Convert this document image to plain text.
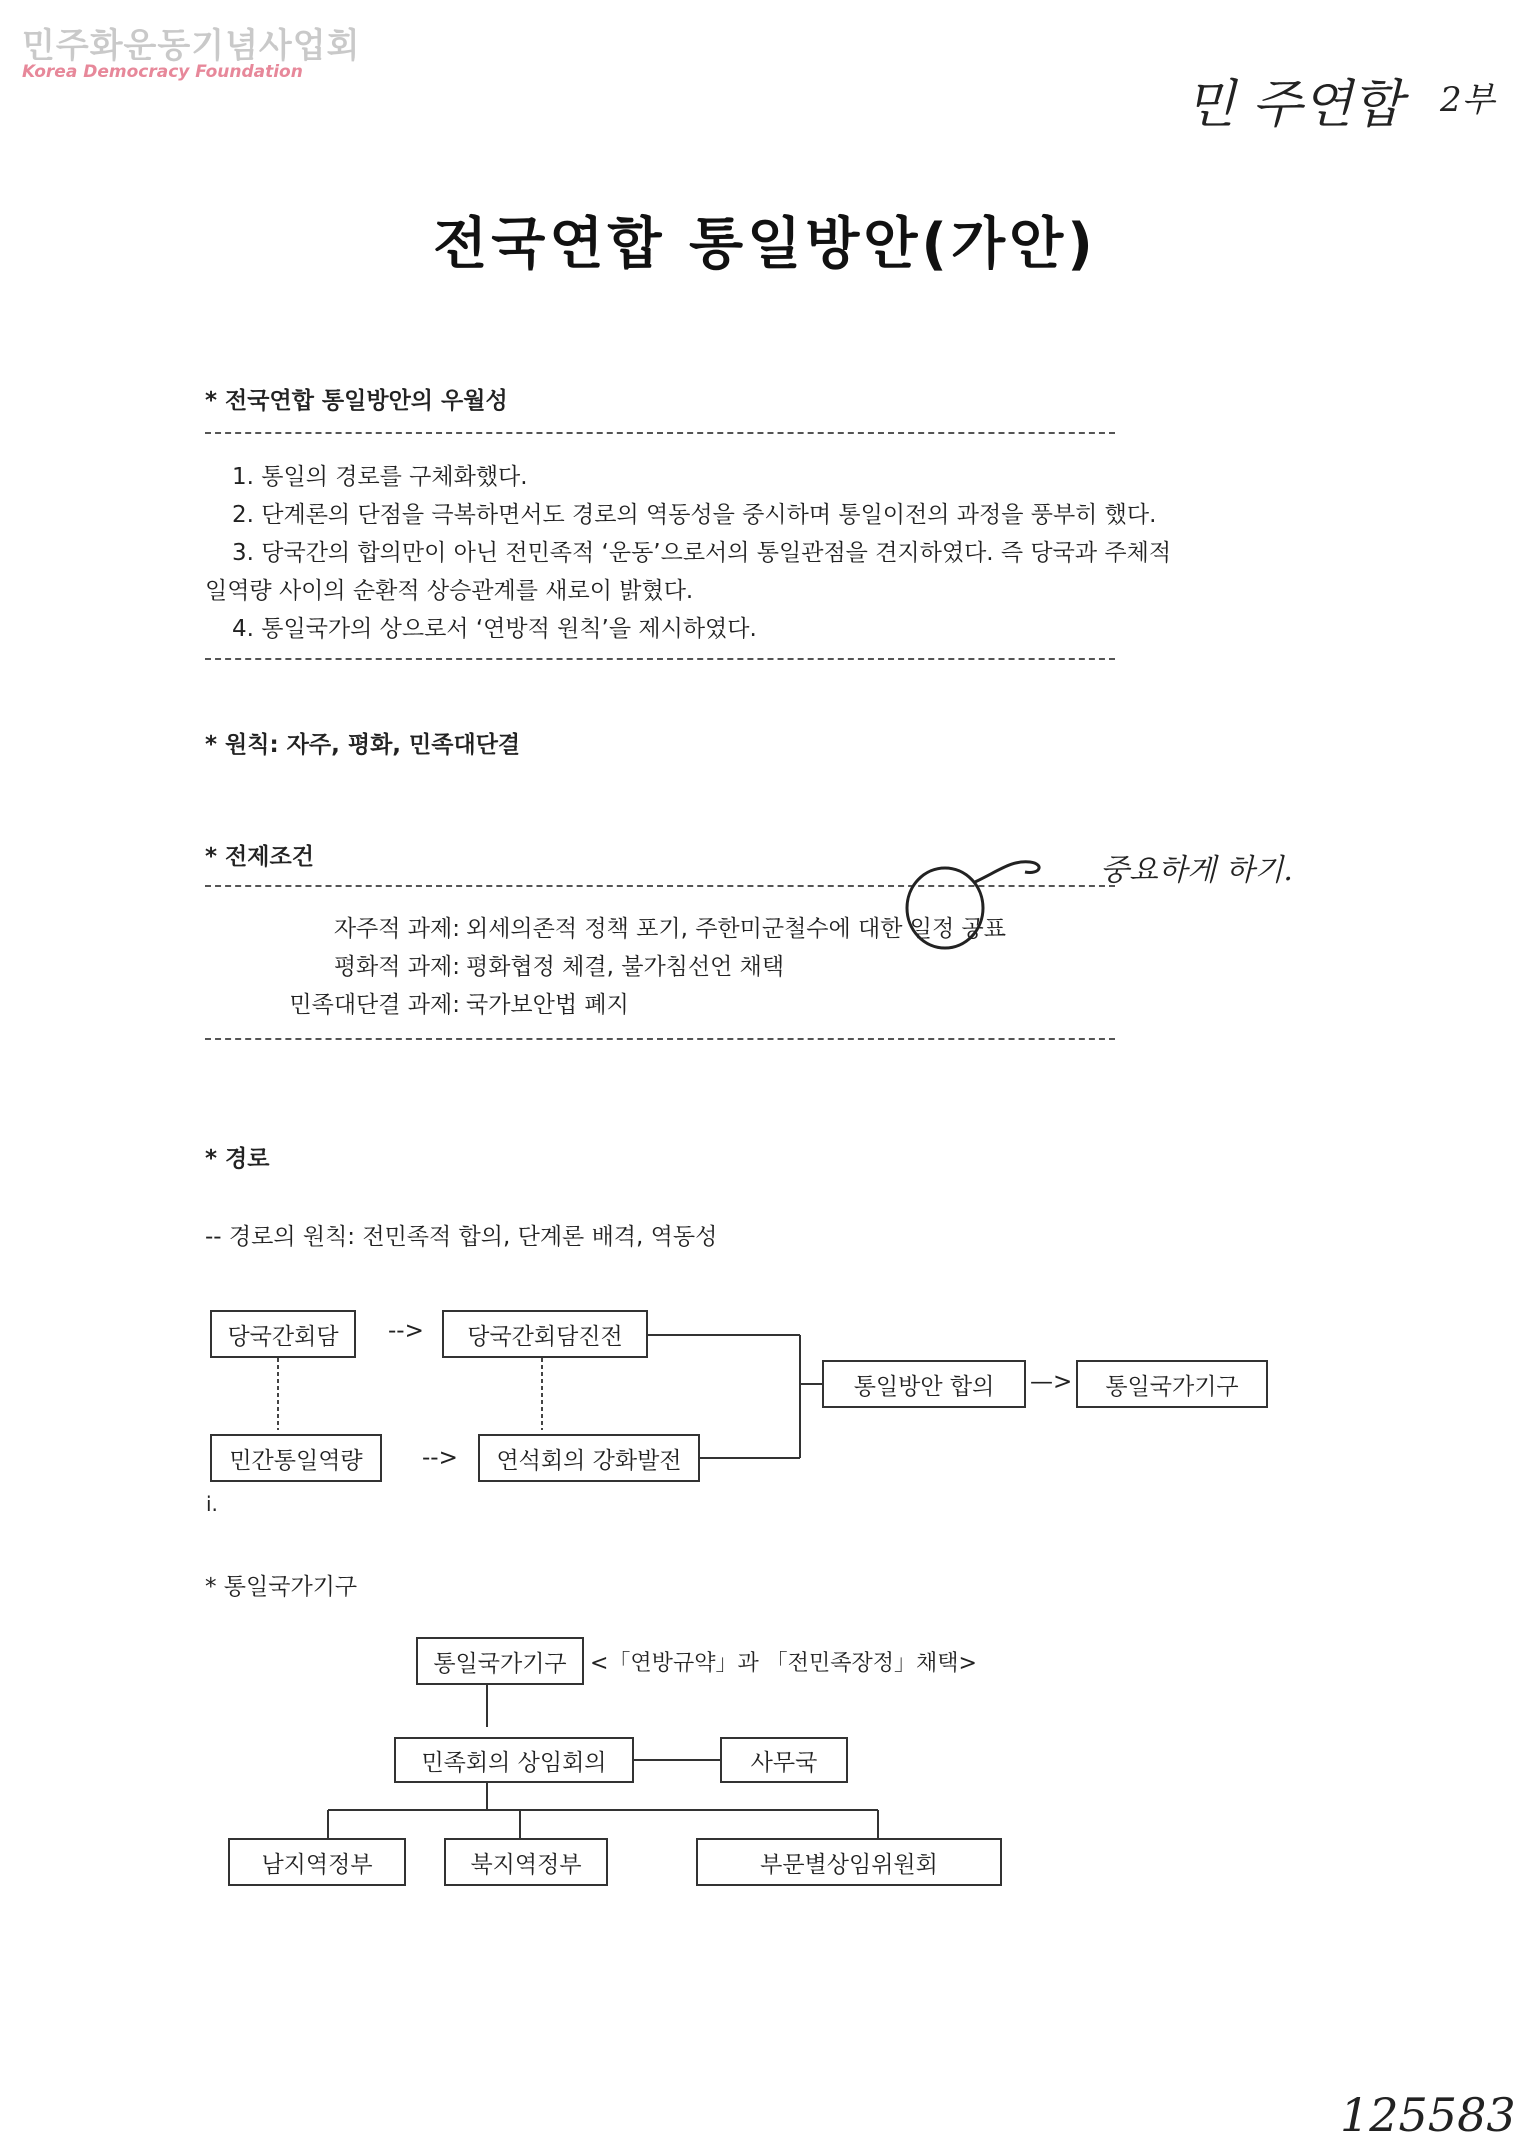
민주화운동기념사업회
Korea Democracy Foundation
민 주연합 2부
중요하게 하기.
125583
전국연합 통일방안(가안)
* 전국연합 통일방안의 우월성
1. 통일의 경로를 구체화했다.
2. 단계론의 단점을 극복하면서도 경로의 역동성을 중시하며 통일이전의 과정을 풍부히 했다.
3. 당국간의 합의만이 아닌 전민족적 ‘운동’으로서의 통일관점을 견지하였다. 즉 당국과 주체적
일역량 사이의 순환적 상승관계를 새로이 밝혔다.
4. 통일국가의 상으로서 ‘연방적 원칙’을 제시하였다.
* 원칙: 자주, 평화, 민족대단결
* 전제조건
자주적 과제: 외세의존적 정책 포기, 주한미군철수에 대한 일정 공표
평화적 과제: 평화협정 체결, 불가침선언 채택
민족대단결 과제: 국가보안법 폐지
* 경로
-- 경로의 원칙: 전민족적 합의, 단계론 배격, 역동성
당국간회담 --> 당국간회담진전
민간통일역량	--> 연석회의 강화발전
통일방안 합의 —> 통일국가기구
i.
* 통일국가기구
통일국가기구 <「연방규약」과 「전민족장정」채택>
민족회의 상임회의	사무국
남지역정부	북지역정부	부문별상임위원회
